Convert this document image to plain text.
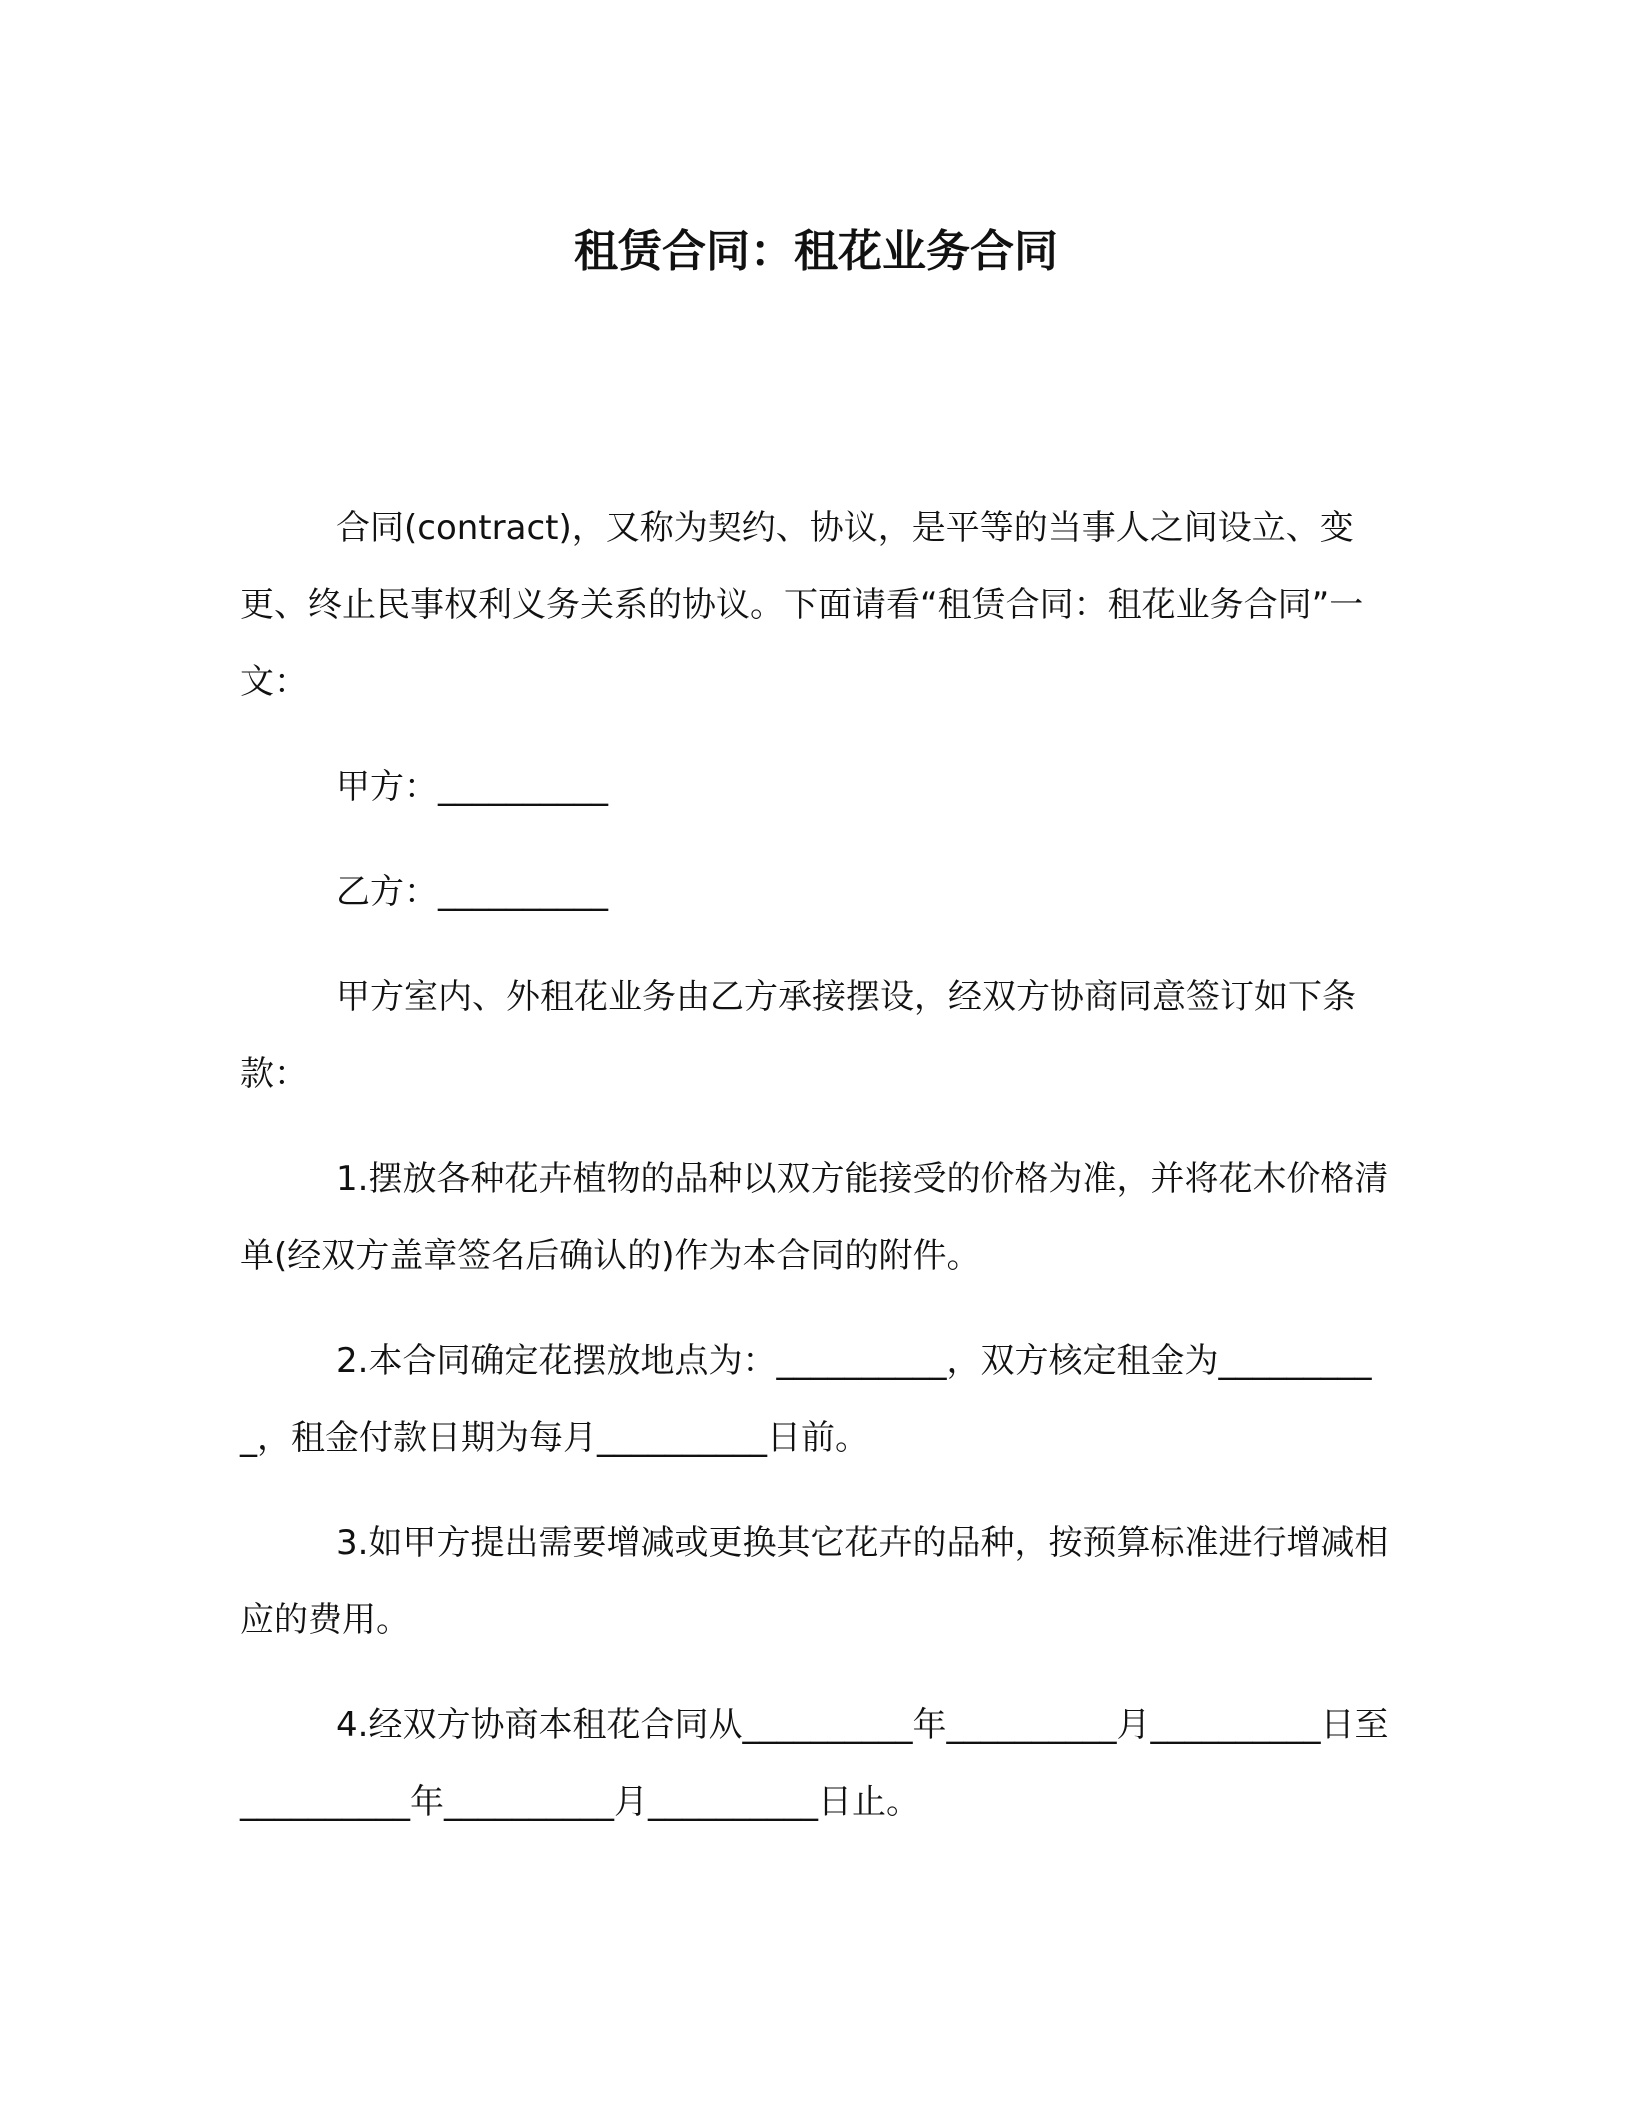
租赁合同：租花业务合同

合同(contract)，又称为契约、协议，是平等的当事人之间设立、变更、终止民事权利义务关系的协议。下面请看“租赁合同：租花业务合同”一文：

甲方：__________

乙方：__________

甲方室内、外租花业务由乙方承接摆设，经双方协商同意签订如下条款：

1.摆放各种花卉植物的品种以双方能接受的价格为准，并将花木价格清单(经双方盖章签名后确认的)作为本合同的附件。

2.本合同确定花摆放地点为：__________，双方核定租金为__________，租金付款日期为每月__________日前。

3.如甲方提出需要增减或更换其它花卉的品种，按预算标准进行增减相应的费用。

4.经双方协商本租花合同从__________年__________月__________日至__________年__________月__________日止。
